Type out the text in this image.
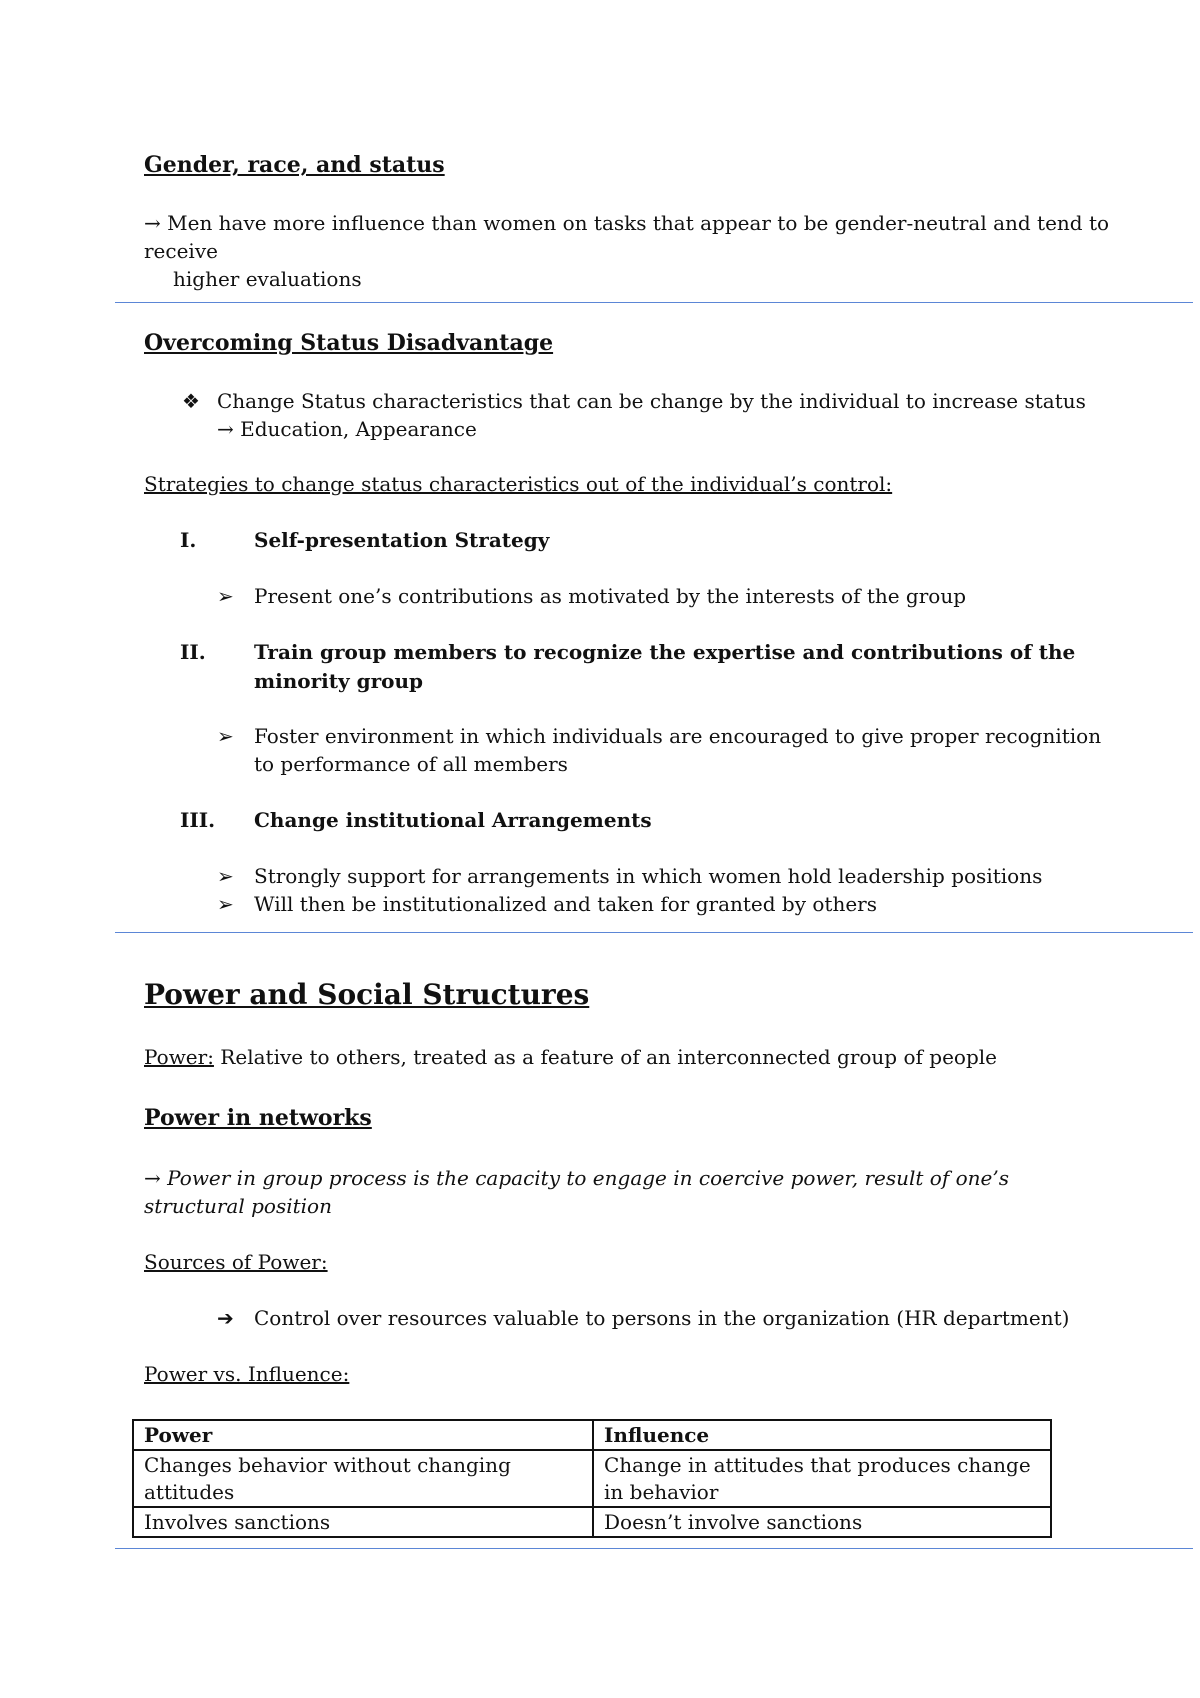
Gender, race, and status
→ Men have more influence than women on tasks that appear to be gender-neutral and tend to
receive
higher evaluations
Overcoming Status Disadvantage
❖ Change Status characteristics that can be change by the individual to increase status
→ Education, Appearance
Strategies to change status characteristics out of the individual’s control:
I.	Self-presentation Strategy
➢ Present one’s contributions as motivated by the interests of the group
II. Train group members to recognize the expertise and contributions of the
minority group
➢ Foster environment in which individuals are encouraged to give proper recognition
to performance of all members
III. Change institutional Arrangements
➢ Strongly support for arrangements in which women hold leadership positions
➢ Will then be institutionalized and taken for granted by others
Power and Social Structures
Power: Relative to others, treated as a feature of an interconnected group of people
Power in networks
→ Power in group process is the capacity to engage in coercive power, result of one’s
structural position
Sources of Power:
➔ Control over resources valuable to persons in the organization (HR department)
Power vs. Influence:
Power	Influence
Changes behavior without changing attitudes	Change in attitudes that produces change in behavior
Involves sanctions	Doesn’t involve sanctions
